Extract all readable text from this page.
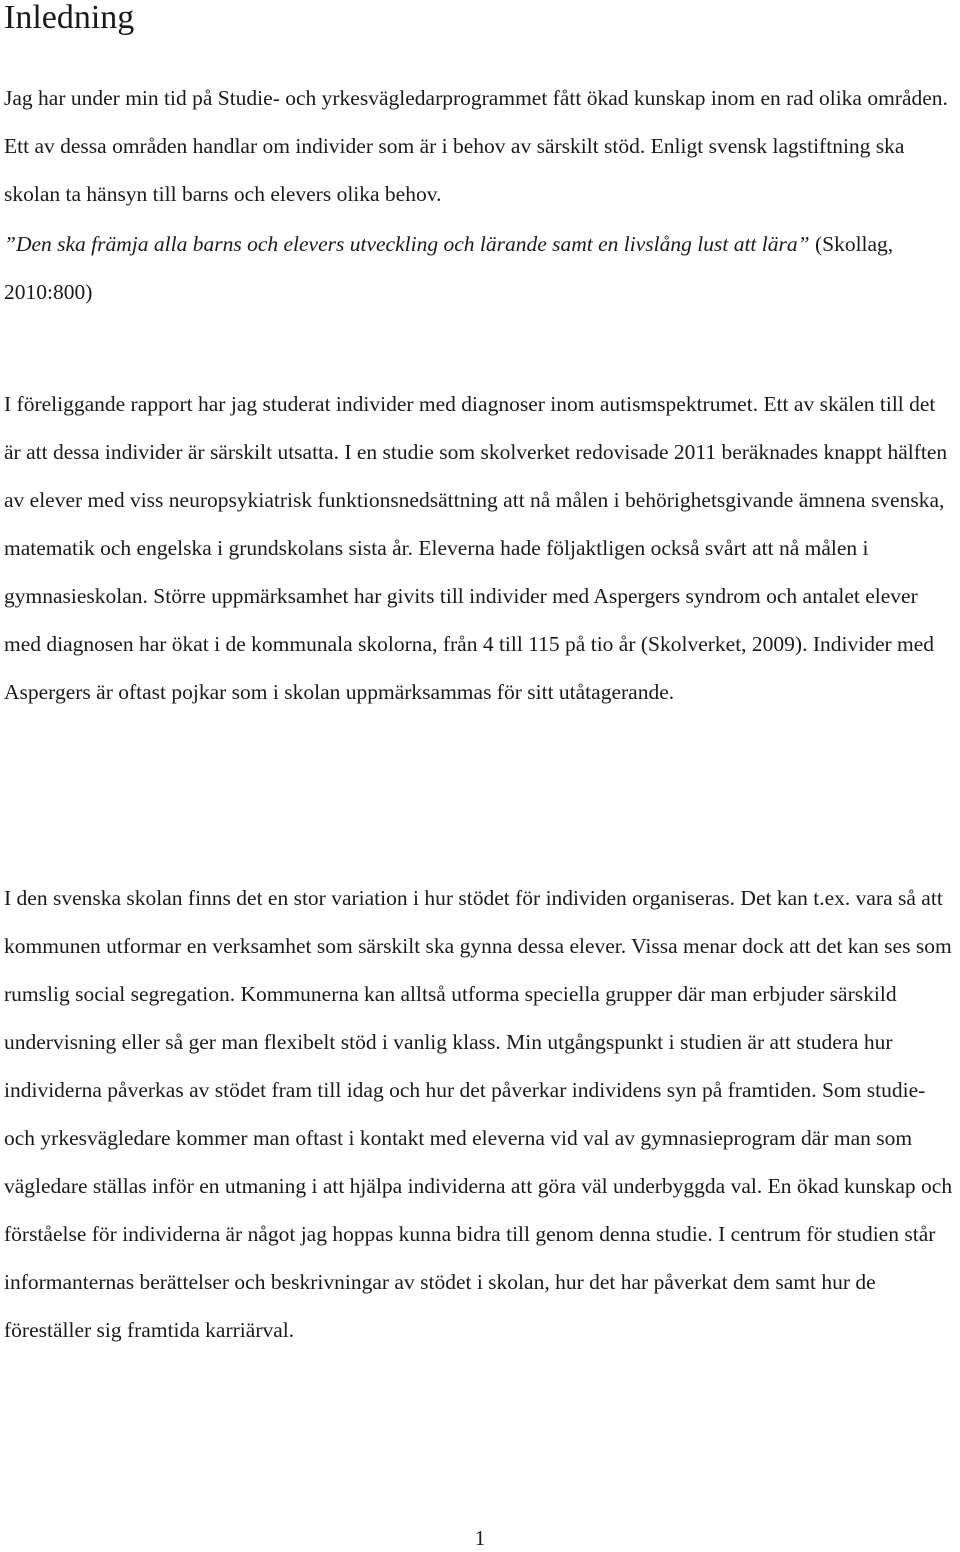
Inledning

Jag har under min tid på Studie- och yrkesvägledarprogrammet fått ökad kunskap inom en rad olika områden. Ett av dessa områden handlar om individer som är i behov av särskilt stöd. Enligt svensk lagstiftning ska skolan ta hänsyn till barns och elevers olika behov.

”Den ska främja alla barns och elevers utveckling och lärande samt en livslång lust att lära” (Skollag, 2010:800)

I föreliggande rapport har jag studerat individer med diagnoser inom autismspektrumet. Ett av skälen till det är att dessa individer är särskilt utsatta. I en studie som skolverket redovisade 2011 beräknades knappt hälften av elever med viss neuropsykiatrisk funktionsnedsättning att nå målen i behörighetsgivande ämnena svenska, matematik och engelska i grundskolans sista år. Eleverna hade följaktligen också svårt att nå målen i gymnasieskolan. Större uppmärksamhet har givits till individer med Aspergers syndrom och antalet elever med diagnosen har ökat i de kommunala skolorna, från 4 till 115 på tio år (Skolverket, 2009). Individer med Aspergers är oftast pojkar som i skolan uppmärksammas för sitt utåtagerande.

I den svenska skolan finns det en stor variation i hur stödet för individen organiseras. Det kan t.ex. vara så att kommunen utformar en verksamhet som särskilt ska gynna dessa elever. Vissa menar dock att det kan ses som rumslig social segregation. Kommunerna kan alltså utforma speciella grupper där man erbjuder särskild undervisning eller så ger man flexibelt stöd i vanlig klass. Min utgångspunkt i studien är att studera hur individerna påverkas av stödet fram till idag och hur det påverkar individens syn på framtiden. Som studie- och yrkesvägledare kommer man oftast i kontakt med eleverna vid val av gymnasieprogram där man som vägledare ställas inför en utmaning i att hjälpa individerna att göra väl underbyggda val. En ökad kunskap och förståelse för individerna är något jag hoppas kunna bidra till genom denna studie. I centrum för studien står informanternas berättelser och beskrivningar av stödet i skolan, hur det har påverkat dem samt hur de föreställer sig framtida karriärval.

1
